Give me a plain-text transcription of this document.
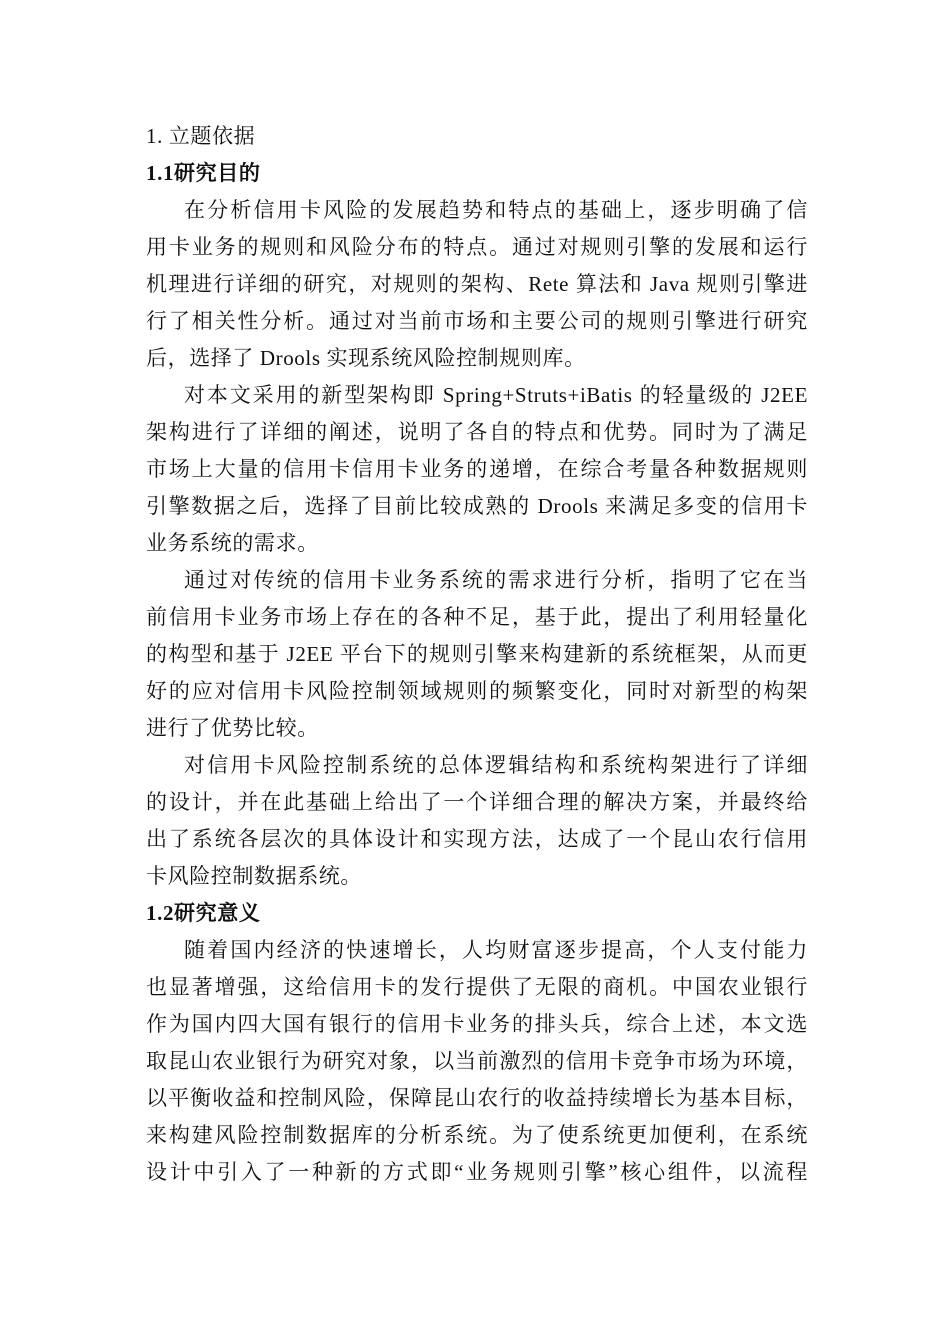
1. 立题依据
1.1研究目的
在分析信用卡风险的发展趋势和特点的基础上，逐步明确了信
用卡业务的规则和风险分布的特点。通过对规则引擎的发展和运行
机理进行详细的研究，对规则的架构、Rete 算法和 Java 规则引擎进
行了相关性分析。通过对当前市场和主要公司的规则引擎进行研究
后，选择了 Drools 实现系统风险控制规则库。
对本文采用的新型架构即 Spring+Struts+iBatis 的轻量级的 J2EE
架构进行了详细的阐述，说明了各自的特点和优势。同时为了满足
市场上大量的信用卡信用卡业务的递增，在综合考量各种数据规则
引擎数据之后，选择了目前比较成熟的 Drools 来满足多变的信用卡
业务系统的需求。
通过对传统的信用卡业务系统的需求进行分析，指明了它在当
前信用卡业务市场上存在的各种不足，基于此，提出了利用轻量化
的构型和基于 J2EE 平台下的规则引擎来构建新的系统框架，从而更
好的应对信用卡风险控制领域规则的频繁变化，同时对新型的构架
进行了优势比较。
对信用卡风险控制系统的总体逻辑结构和系统构架进行了详细
的设计，并在此基础上给出了一个详细合理的解决方案，并最终给
出了系统各层次的具体设计和实现方法，达成了一个昆山农行信用
卡风险控制数据系统。
1.2研究意义
随着国内经济的快速增长，人均财富逐步提高，个人支付能力
也显著增强，这给信用卡的发行提供了无限的商机。中国农业银行
作为国内四大国有银行的信用卡业务的排头兵，综合上述，本文选
取昆山农业银行为研究对象，以当前激烈的信用卡竞争市场为环境，
以平衡收益和控制风险，保障昆山农行的收益持续增长为基本目标，
来构建风险控制数据库的分析系统。为了使系统更加便利，在系统
设计中引入了一种新的方式即“业务规则引擎”核心组件，以流程
